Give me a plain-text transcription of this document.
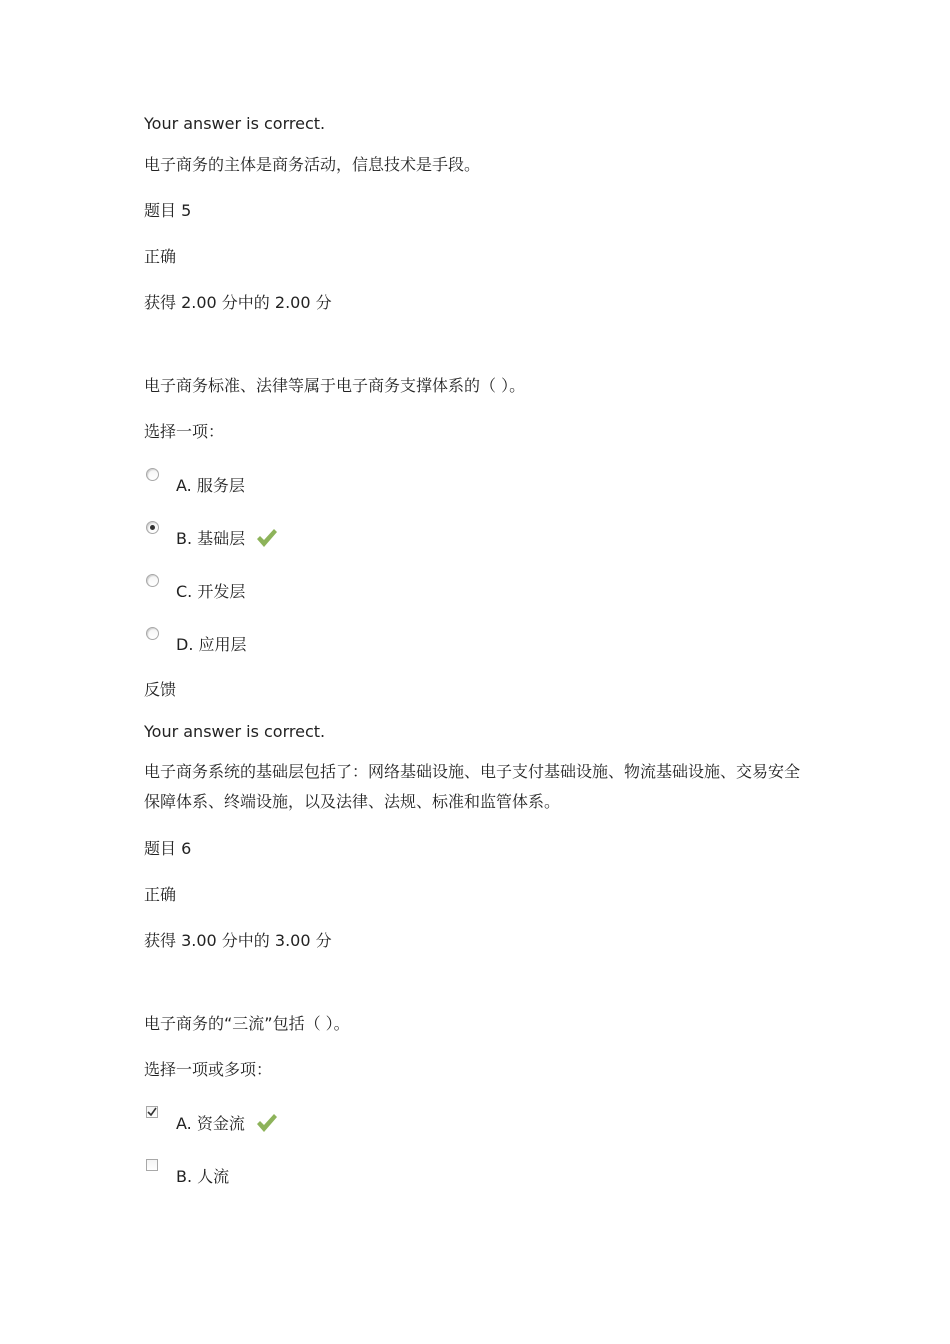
Your answer is correct.
电子商务的主体是商务活动，信息技术是手段。
题目 5
正确
获得 2.00 分中的 2.00 分
电子商务标准、法律等属于电子商务支撑体系的（ ）。
选择一项：
A. 服务层
B. 基础层
C. 开发层
D. 应用层
反馈
Your answer is correct.
电子商务系统的基础层包括了：网络基础设施、电子支付基础设施、物流基础设施、交易安全保障体系、终端设施，以及法律、法规、标准和监管体系。
题目 6
正确
获得 3.00 分中的 3.00 分
电子商务的“三流”包括（ ）。
选择一项或多项：
A. 资金流
B. 人流
